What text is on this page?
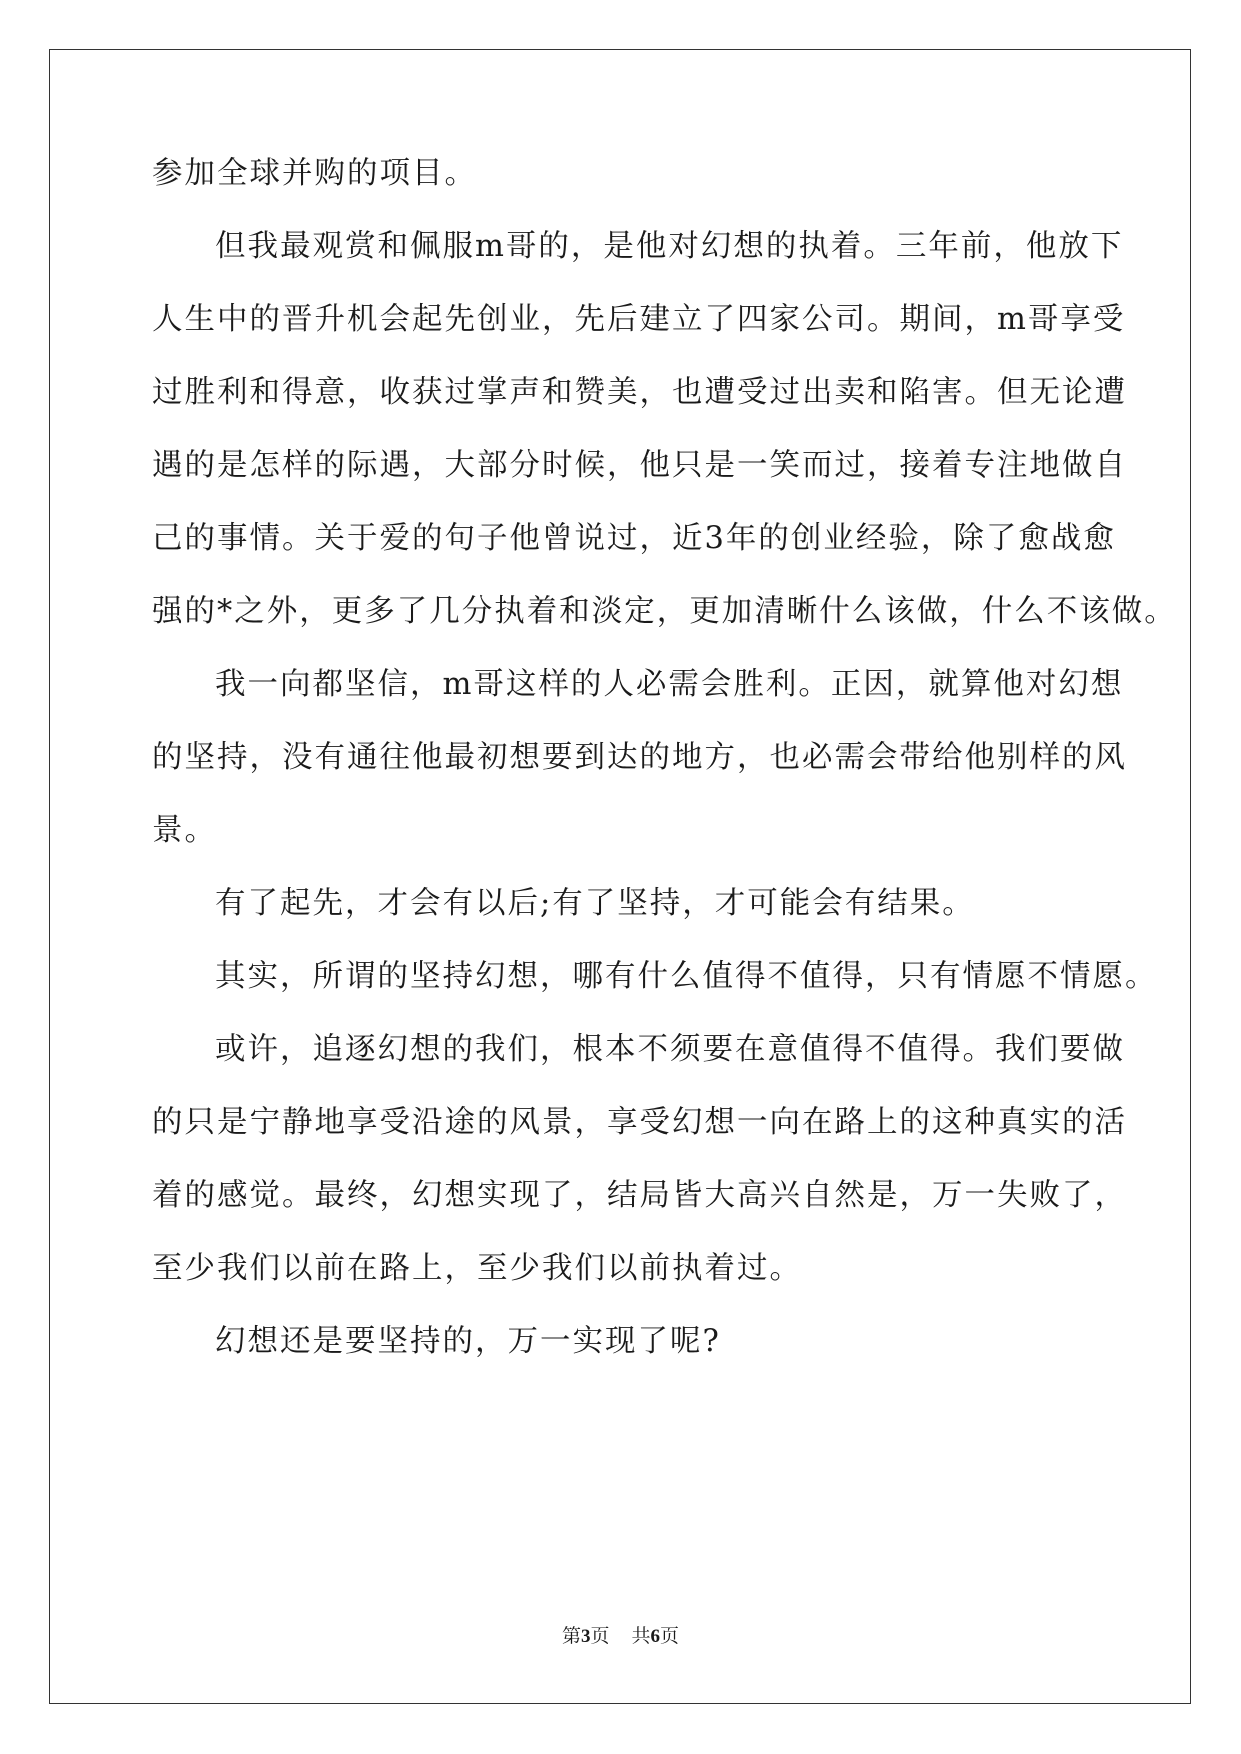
参加全球并购的项目。
但我最观赏和佩服m哥的，是他对幻想的执着。三年前，他放下
人生中的晋升机会起先创业，先后建立了四家公司。期间，m哥享受
过胜利和得意，收获过掌声和赞美，也遭受过出卖和陷害。但无论遭
遇的是怎样的际遇，大部分时候，他只是一笑而过，接着专注地做自
己的事情。关于爱的句子他曾说过，近3年的创业经验，除了愈战愈
强的*之外，更多了几分执着和淡定，更加清晰什么该做，什么不该做。
我一向都坚信，m哥这样的人必需会胜利。正因，就算他对幻想
的坚持，没有通往他最初想要到达的地方，也必需会带给他别样的风
景。
有了起先，才会有以后;有了坚持，才可能会有结果。
其实，所谓的坚持幻想，哪有什么值得不值得，只有情愿不情愿。
或许，追逐幻想的我们，根本不须要在意值得不值得。我们要做
的只是宁静地享受沿途的风景，享受幻想一向在路上的这种真实的活
着的感觉。最终，幻想实现了，结局皆大高兴自然是，万一失败了，
至少我们以前在路上，至少我们以前执着过。
幻想还是要坚持的，万一实现了呢?
第3页 共6页
